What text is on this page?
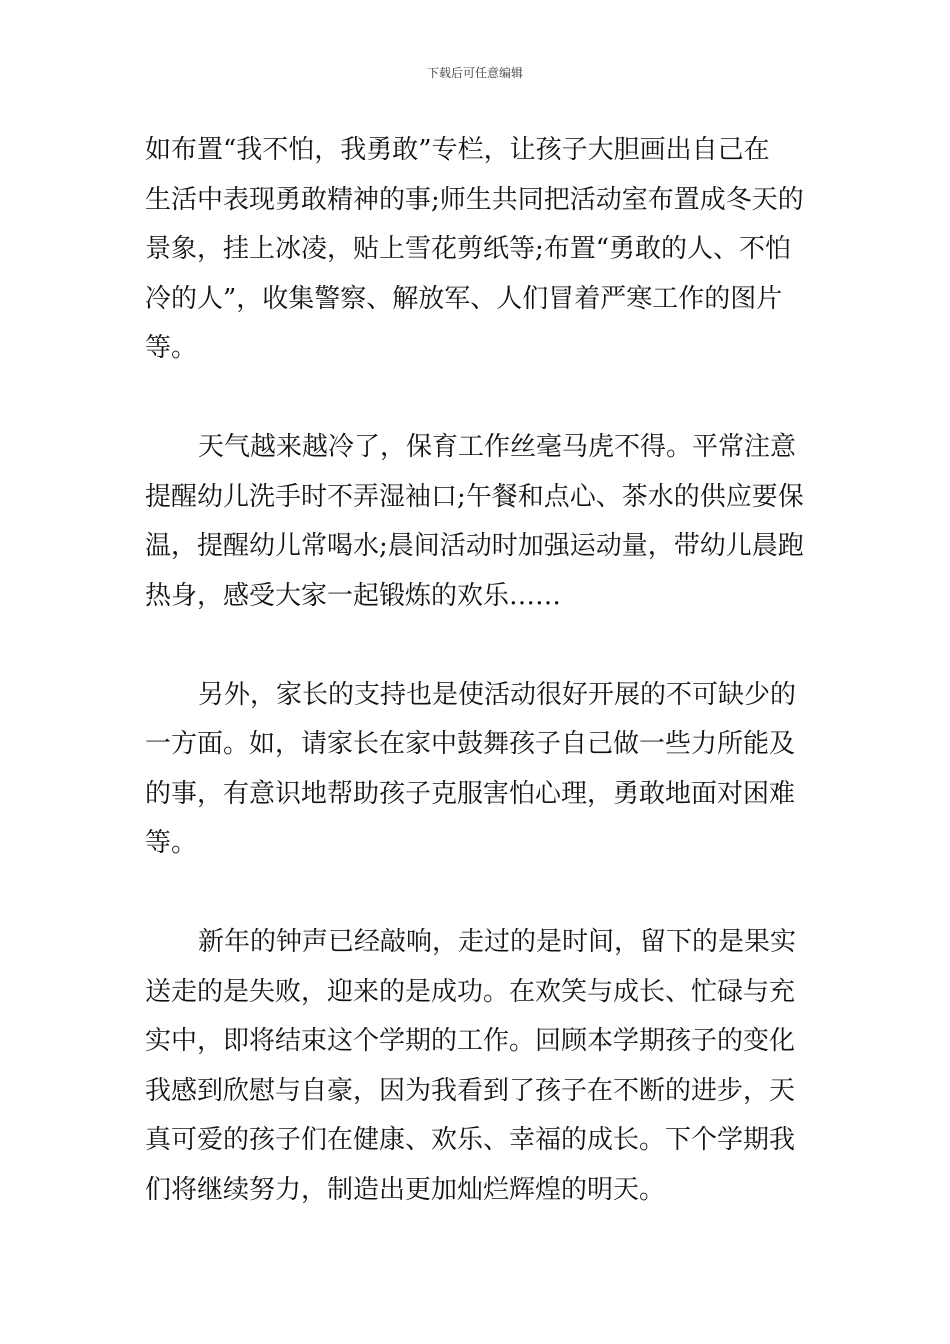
下载后可任意编辑
如布置“我不怕，我勇敢”专栏，让孩子大胆画出自己在
生活中表现勇敢精神的事;师生共同把活动室布置成冬天的
景象，挂上冰凌，贴上雪花剪纸等;布置“勇敢的人、不怕
冷的人”，收集警察、解放军、人们冒着严寒工作的图片
等。
天气越来越冷了，保育工作丝毫马虎不得。平常注意
提醒幼儿洗手时不弄湿袖口;午餐和点心、茶水的供应要保
温，提醒幼儿常喝水;晨间活动时加强运动量，带幼儿晨跑
热身，感受大家一起锻炼的欢乐……
另外，家长的支持也是使活动很好开展的不可缺少的
一方面。如，请家长在家中鼓舞孩子自己做一些力所能及
的事，有意识地帮助孩子克服害怕心理，勇敢地面对困难
等。
新年的钟声已经敲响，走过的是时间，留下的是果实
送走的是失败，迎来的是成功。在欢笑与成长、忙碌与充
实中，即将结束这个学期的工作。回顾本学期孩子的变化
我感到欣慰与自豪，因为我看到了孩子在不断的进步，天
真可爱的孩子们在健康、欢乐、幸福的成长。下个学期我
们将继续努力，制造出更加灿烂辉煌的明天。
